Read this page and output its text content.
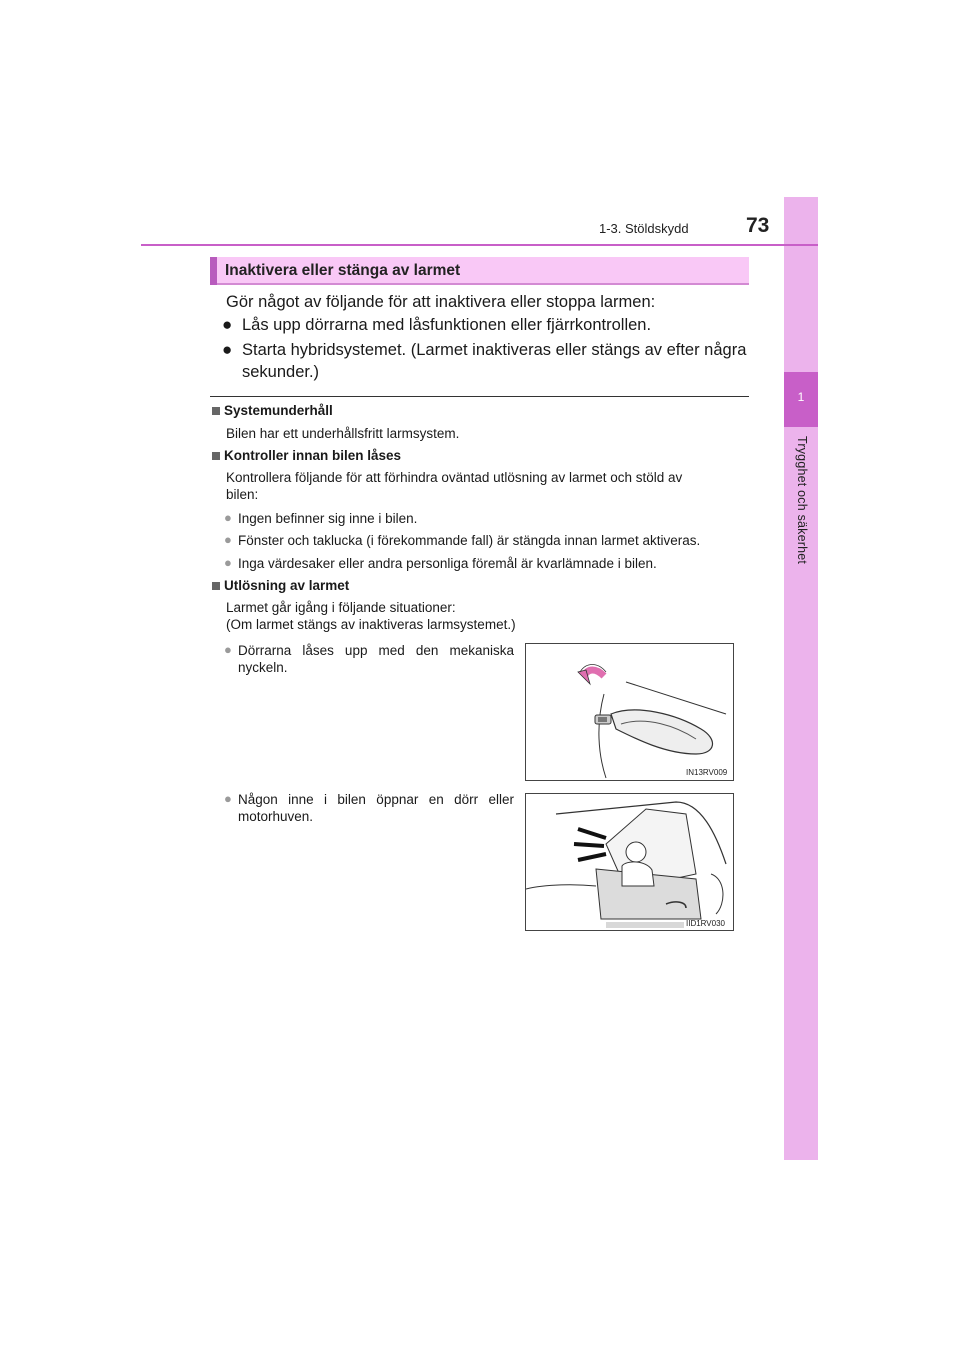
1
Trygghet och säkerhet
1-3. Stöldskydd	73
Inaktivera eller stänga av larmet
Gör något av följande för att inaktivera eller stoppa larmen:
● Lås upp dörrarna med låsfunktionen eller fjärrkontrollen.
● Starta hybridsystemet. (Larmet inaktiveras eller stängs av efter några
sekunder.)
Systemunderhåll
Bilen har ett underhållsfritt larmsystem.
Kontroller innan bilen låses
Kontrollera följande för att förhindra oväntad utlösning av larmet och stöld av
bilen:
● Ingen befinner sig inne i bilen.
● Fönster och taklucka (i förekommande fall) är stängda innan larmet aktiveras.
● Inga värdesaker eller andra personliga föremål är kvarlämnade i bilen.
Utlösning av larmet
Larmet går igång i följande situationer:
(Om larmet stängs av inaktiveras larmsystemet.)
● Dörrarna låses upp med den mekaniska
nyckeln.
● Någon inne i bilen öppnar en dörr eller
motorhuven.
IN13RV009
IID1RV030
